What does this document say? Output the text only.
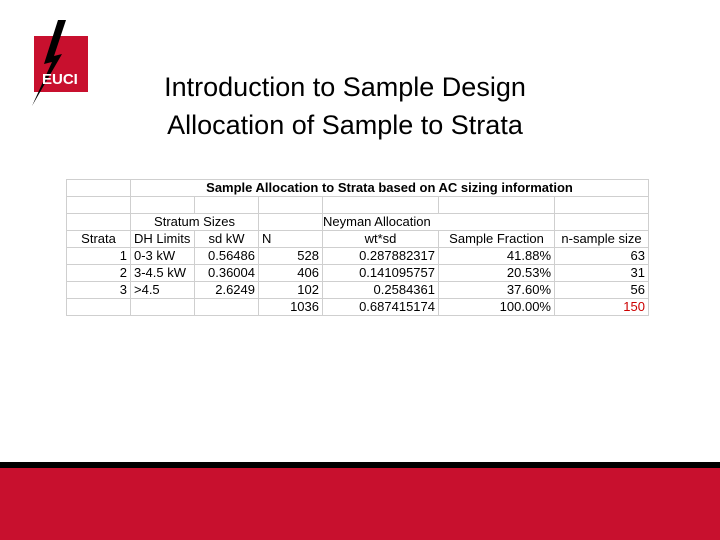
EUCI	Introduction to Sample Design
Allocation of Sample to Strata
	Sample Allocation to Strata based on AC sizing information					

	Stratum Sizes			Neyman Allocation		
Strata	DH Limits	sd kW	N	wt*sd	Sample Fraction	n-sample size
1	0-3 kW	0.56486	528	0.287882317	41.88%	63
2	3-4.5 kW	0.36004	406	0.141095757	20.53%	31
3	>4.5	2.6249	102	0.2584361	37.60%	56
			1036	0.687415174	100.00%	150
